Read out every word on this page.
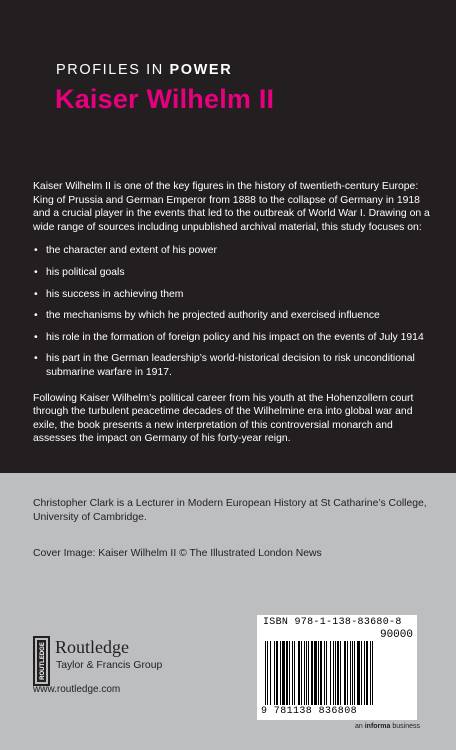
PROFILES IN POWER
Kaiser Wilhelm II

Kaiser Wilhelm II is one of the key figures in the history of twentieth-century Europe: King of Prussia and German Emperor from 1888 to the collapse of Germany in 1918 and a crucial player in the events that led to the outbreak of World War I. Drawing on a wide range of sources including unpublished archival material, this study focuses on:

• the character and extent of his power
• his political goals
• his success in achieving them
• the mechanisms by which he projected authority and exercised influence
• his role in the formation of foreign policy and his impact on the events of July 1914
• his part in the German leadership’s world-historical decision to risk unconditional submarine warfare in 1917.

Following Kaiser Wilhelm’s political career from his youth at the Hohenzollern court through the turbulent peacetime decades of the Wilhelmine era into global war and exile, the book presents a new interpretation of this controversial monarch and assesses the impact on Germany of his forty-year reign.

Christopher Clark is a Lecturer in Modern European History at St Catharine’s College, University of Cambridge.
Cover Image: Kaiser Wilhelm II © The Illustrated London News
ROUTLEDGE Routledge
Taylor & Francis Group
www.routledge.com
ISBN 978-1-138-83680-8
90000
9 781138 836808
an informa business
